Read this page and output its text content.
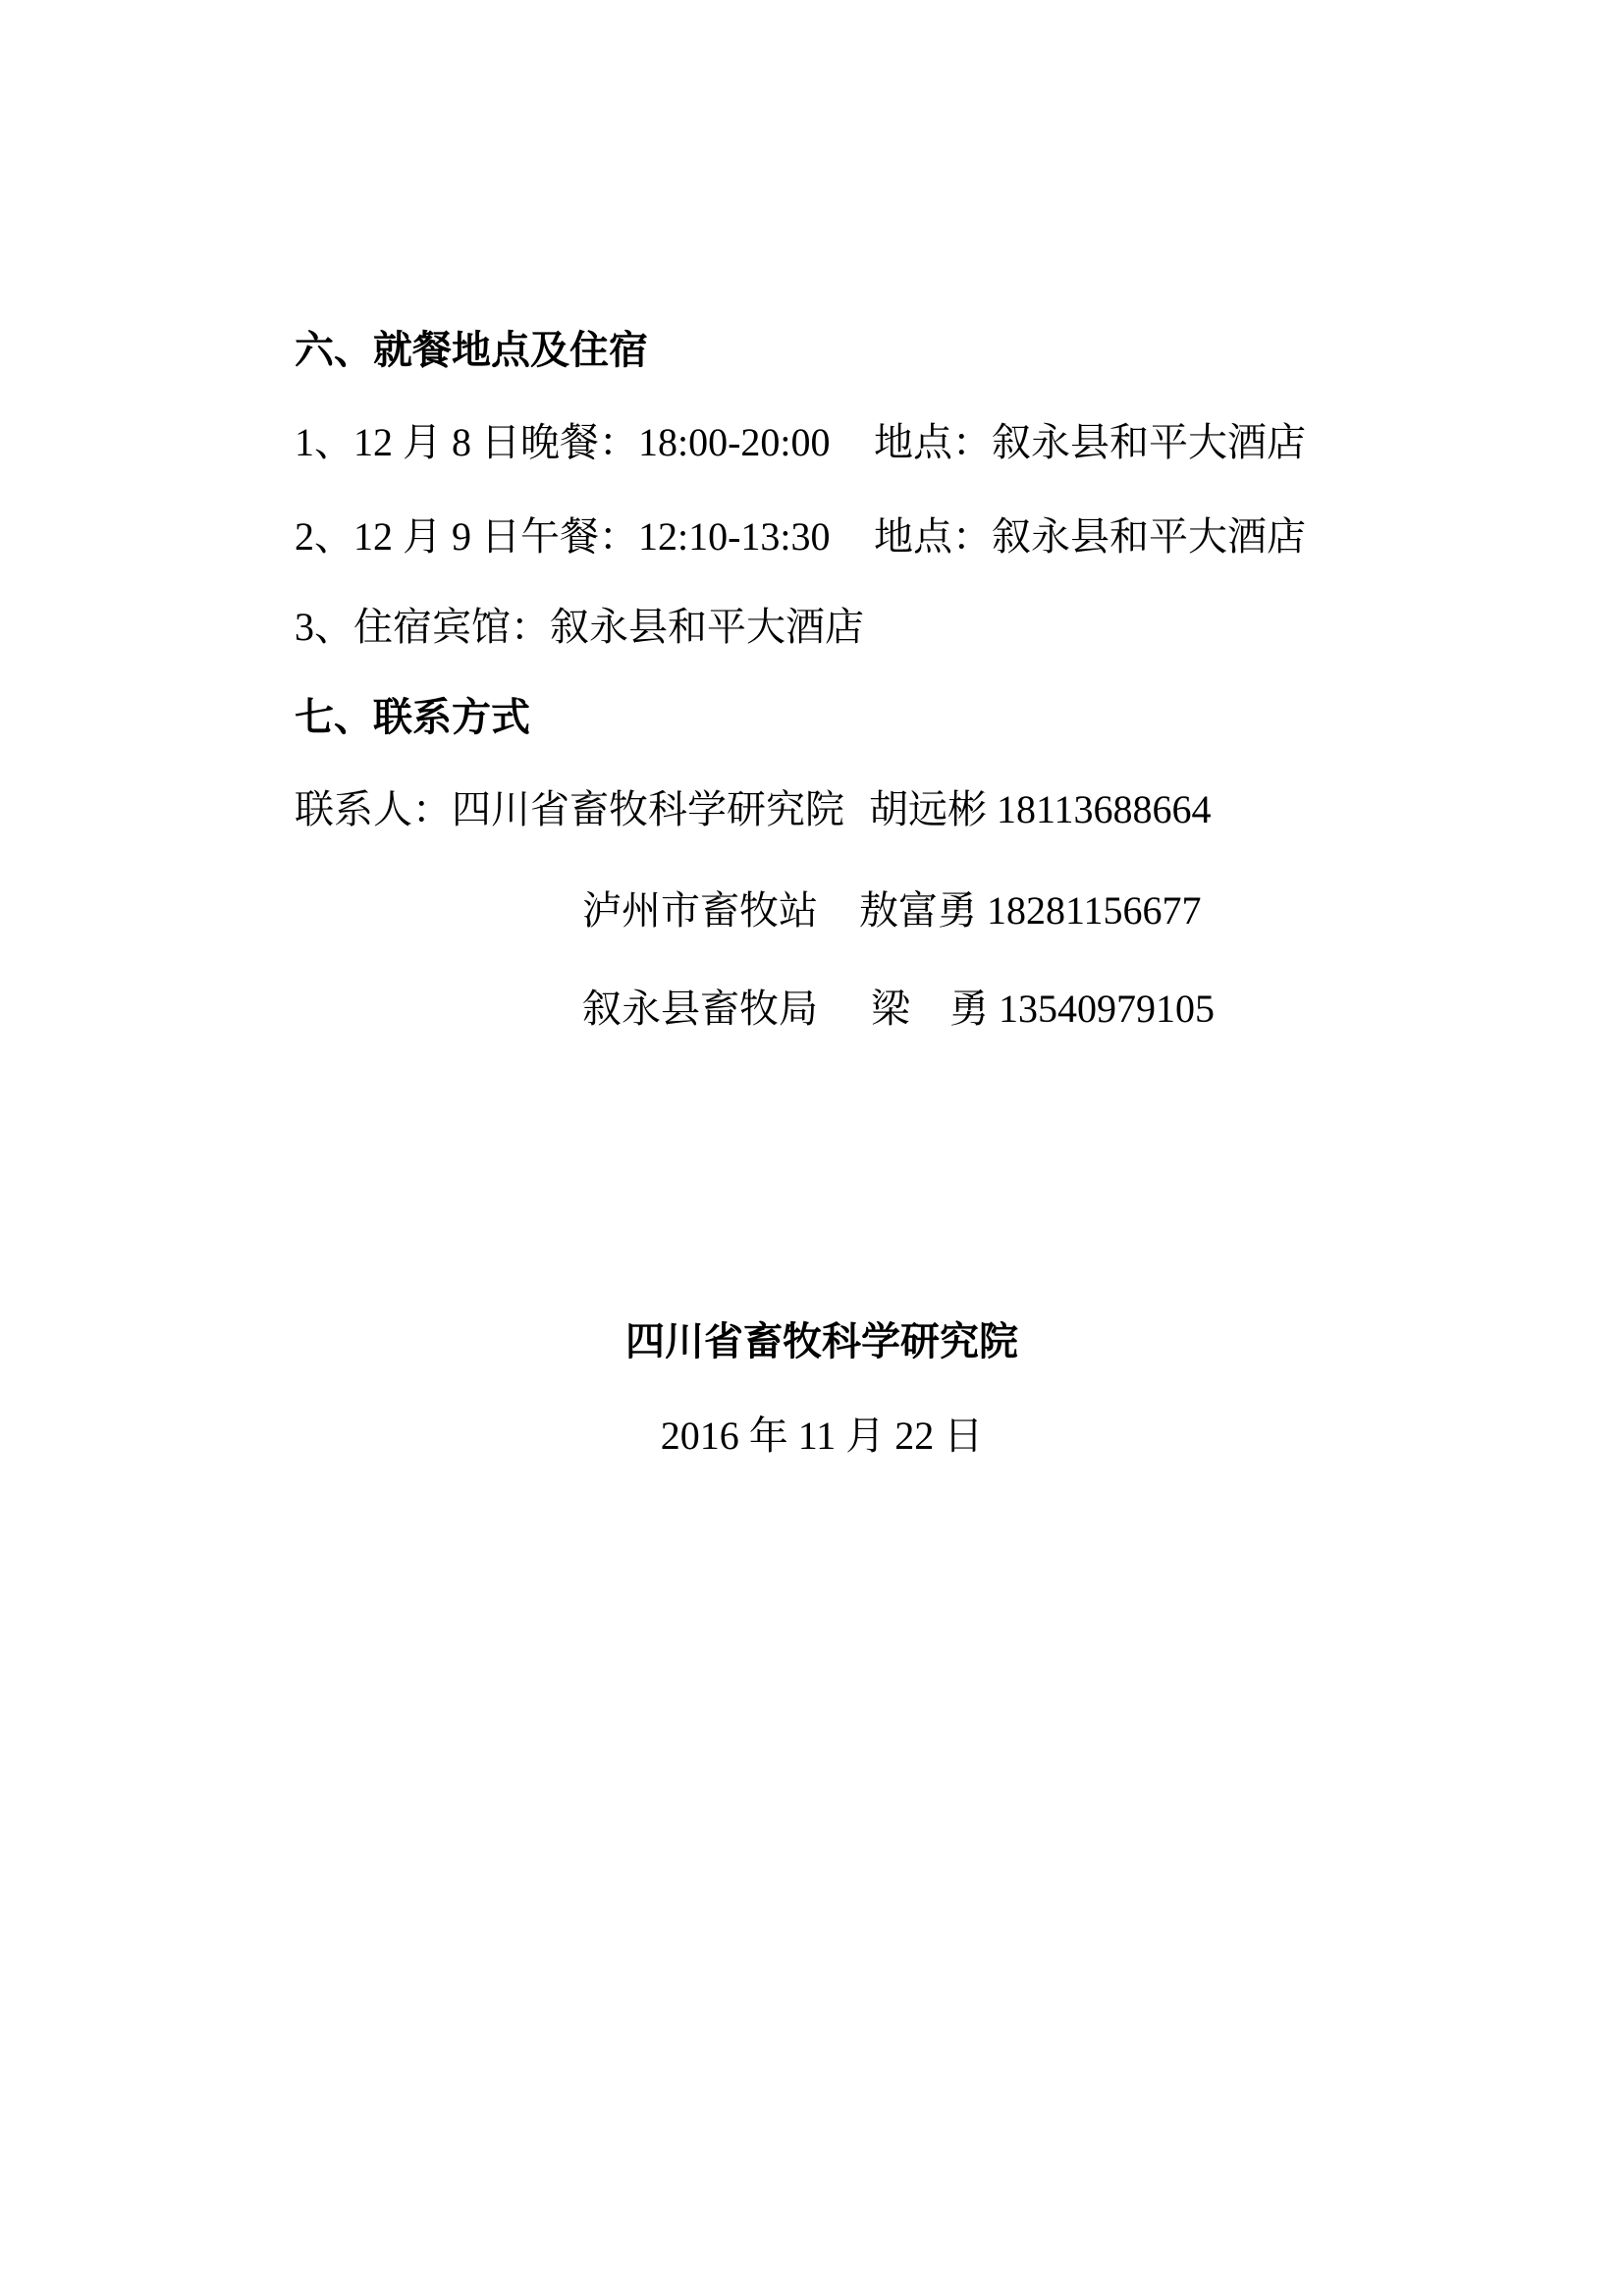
六、就餐地点及住宿
1、12 月 8 日晚餐：18:00-20:00 地点：叙永县和平大酒店
2、12 月 9 日午餐：12:10-13:30 地点：叙永县和平大酒店
3、住宿宾馆：叙永县和平大酒店
七、联系方式
联系人：四川省畜牧科学研究院 胡远彬 18113688664
泸州市畜牧站 敖富勇 18281156677
叙永县畜牧局 梁　勇 13540979105
四川省畜牧科学研究院
2016 年 11 月 22 日
